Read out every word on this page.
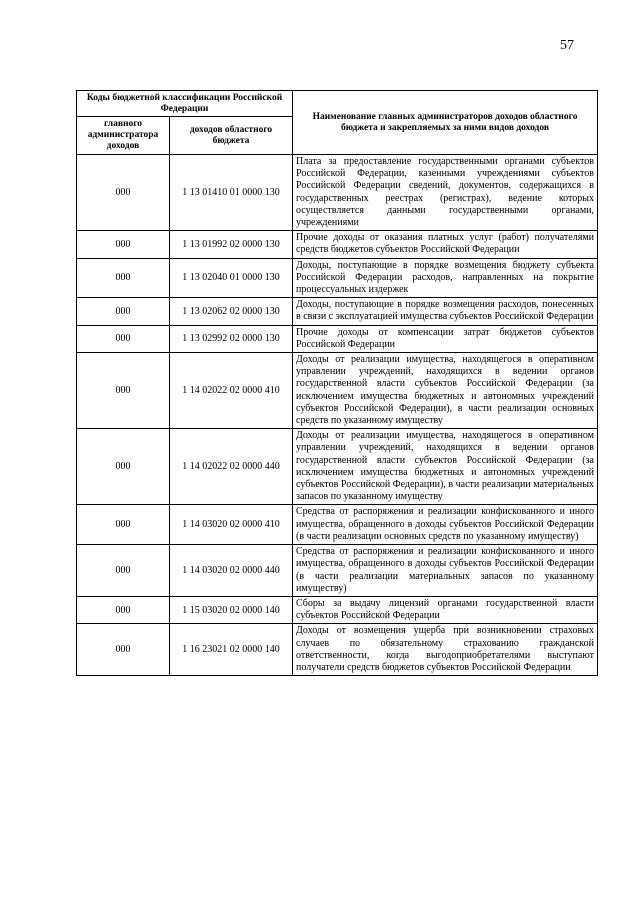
57
Коды бюджетной классификации Российской Федерации		Наименование главных администраторов доходов областного бюджета и закрепляемых за ними видов доходов
главного администратора доходов	доходов областного бюджета	
000	1 13 01410 01 0000 130	Плата за предоставление государственными органами субъектов Российской Федерации, казенными учреждениями субъектов Российской Федерации сведений, документов, содержащихся в государственных реестрах (регистрах), ведение которых осуществляется данными государственными органами, учреждениями
000	1 13 01992 02 0000 130	Прочие доходы от оказания платных услуг (работ) получателями средств бюджетов субъектов Российской Федерации
000	1 13 02040 01 0000 130	Доходы, поступающие в порядке возмещения бюджету субъекта Российской Федерации расходов, направленных на покрытие процессуальных издержек
000	1 13 02062 02 0000 130	Доходы, поступающие в порядке возмещения расходов, понесенных в связи с эксплуатацией имущества субъектов Российской Федерации
000	1 13 02992 02 0000 130	Прочие доходы от компенсации затрат бюджетов субъектов Российской Федерации
000	1 14 02022 02 0000 410	Доходы от реализации имущества, находящегося в оперативном управлении учреждений, находящихся в ведении органов государственной власти субъектов Российской Федерации (за исключением имущества бюджетных и автономных учреждений субъектов Российской Федерации), в части реализации основных средств по указанному имуществу
000	1 14 02022 02 0000 440	Доходы от реализации имущества, находящегося в оперативном управлении учреждений, находящихся в ведении органов государственной власти субъектов Российской Федерации (за исключением имущества бюджетных и автономных учреждений субъектов Российской Федерации), в части реализации материальных запасов по указанному имуществу
000	1 14 03020 02 0000 410	Средства от распоряжения и реализации конфискованного и иного имущества, обращенного в доходы субъектов Российской Федерации (в части реализации основных средств по указанному имуществу)
000	1 14 03020 02 0000 440	Средства от распоряжения и реализации конфискованного и иного имущества, обращенного в доходы субъектов Российской Федерации (в части реализации материальных запасов по указанному имуществу)
000	1 15 03020 02 0000 140	Сборы за выдачу лицензий органами государственной власти субъектов Российской Федерации
000	1 16 23021 02 0000 140	Доходы от возмещения ущерба при возникновении страховых случаев по обязательному страхованию гражданской ответственности, когда выгодоприобретателями выступают получатели средств бюджетов субъектов Российской Федерации
